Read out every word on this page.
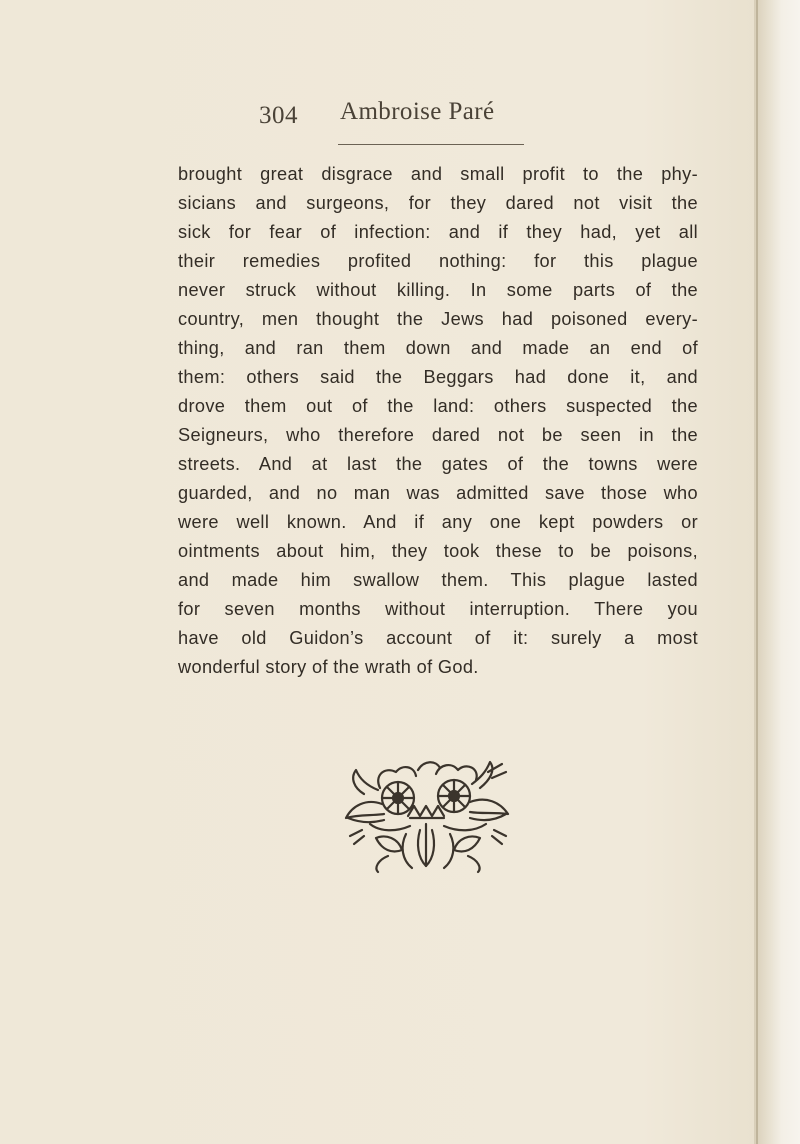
304 Ambroise Paré
brought great disgrace and small profit to the phy-
sicians and surgeons, for they dared not visit the
sick for fear of infection: and if they had, yet all
their remedies profited nothing: for this plague
never struck without killing. In some parts of the
country, men thought the Jews had poisoned every-
thing, and ran them down and made an end of
them: others said the Beggars had done it, and
drove them out of the land: others suspected the
Seigneurs, who therefore dared not be seen in the
streets. And at last the gates of the towns were
guarded, and no man was admitted save those who
were well known. And if any one kept powders or
ointments about him, they took these to be poisons,
and made him swallow them. This plague lasted
for seven months without interruption. There you
have old Guidon’s account of it: surely a most
wonderful story of the wrath of God.
